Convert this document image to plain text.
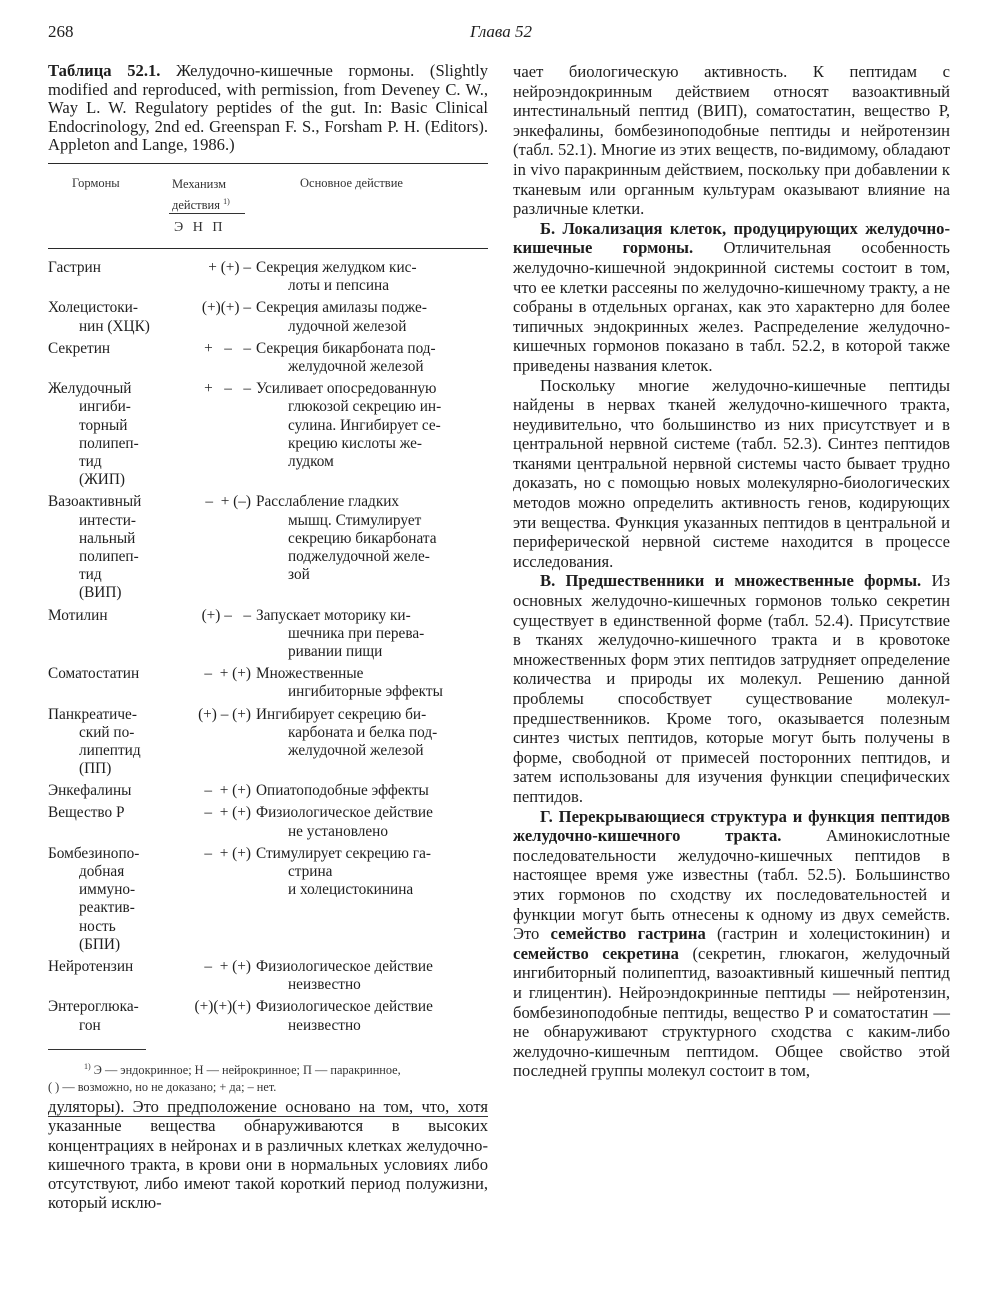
268	Глава 52

Таблица 52.1. Желудочно-кишечные гормоны. (Slightly modified and reproduced, with permission, from Deveney C. W., Way L. W. Regulatory peptides of the gut. In: Basic Clinical Endocrinology, 2nd ed. Greenspan F. S., Forsham P. H. (Editors). Appleton and Lange, 1986.)

Гормоны	Механизм
действия $^{1)}$
Э Н П
Основное действие
Гастрин	+ (+) – Секреция желудком кис-
лоты и пепсина
Холецистоки-
нин (ХЦК)
(+)(+) – Секреция амилазы подже-
лудочной железой
Секретин	+   –   – Секреция бикарбоната под-
желудочной железой
Желудочный
ингиби-
торный
полипеп-
тид
(ЖИП)
+   –   – Усиливает опосредованную
глюкозой секрецию ин-
сулина. Ингибирует се-
крецию кислоты же-
лудком
Вазоактивный
интести-
нальный
полипеп-
тид
(ВИП)
–  + (–) Расслабление гладких
мышц. Стимулирует
секрецию бикарбоната
поджелудочной желе-
зой
Мотилин	(+) –   – Запускает моторику ки-
шечника при перева-
ривании пищи
Соматостатин	–  + (+) Множественные
ингибиторные эффекты
Панкреатиче-
ский по-
липептид
(ПП)
(+) – (+) Ингибирует секрецию би-
карбоната и белка под-
желудочной железой
Энкефалины	–  + (+) Опиатоподобные эффекты
Вещество Р	–  + (+) Физиологическое действие
не установлено
Бомбезинопо-
добная
иммуно-
реактив-
ность
(БПИ)
–  + (+) Стимулирует секрецию га-
стрина
и холецистокинина
Нейротензин	–  + (+) Физиологическое действие
неизвестно
Энтероглюка-
гон
(+)(+)(+) Физиологическое действие
неизвестно
$^{1)}$ Э — эндокринное; Н — нейрокринное; П — паракринное,
( ) — возможно, но не доказано; + да; – нет.

дуляторы). Это предположение основано на том, что, хотя указанные вещества обнаруживаются в высоких концентрациях в нейронах и в различных клетках желудочно-кишечного тракта, в крови они в нормальных условиях либо отсутствуют, либо имеют такой короткий период полужизни, который исклю-

чает биологическую активность. К пептидам с нейроэндокринным действием относят вазоактивный интестинальный пептид (ВИП), соматостатин, вещество Р, энкефалины, бомбезиноподобные пептиды и нейротензин (табл. 52.1). Многие из этих веществ, по-видимому, обладают in vivo паракринным действием, поскольку при добавлении к тканевым или органным культурам оказывают влияние на различные клетки.

Б. Локализация клеток, продуцирующих желудочно-кишечные гормоны. Отличительная особенность желудочно-кишечной эндокринной системы состоит в том, что ее клетки рассеяны по желудочно-кишечному тракту, а не собраны в отдельных органах, как это характерно для более типичных эндокринных желез. Распределение желудочно-кишечных гормонов показано в табл. 52.2, в которой также приведены названия клеток.

Поскольку многие желудочно-кишечные пептиды найдены в нервах тканей желудочно-кишечного тракта, неудивительно, что большинство из них присутствует и в центральной нервной системе (табл. 52.3). Синтез пептидов тканями центральной нервной системы часто бывает трудно доказать, но с помощью новых молекулярно-биологических методов можно определить активность генов, кодирующих эти вещества. Функция указанных пептидов в центральной и периферической нервной системе находится в процессе исследования.

В. Предшественники и множественные формы. Из основных желудочно-кишечных гормонов только секретин существует в единственной форме (табл. 52.4). Присутствие в тканях желудочно-кишечного тракта и в кровотоке множественных форм этих пептидов затрудняет определение количества и природы их молекул. Решению данной проблемы способствует существование молекул-предшественников. Кроме того, оказывается полезным синтез чистых пептидов, которые могут быть получены в форме, свободной от примесей посторонних пептидов, и затем использованы для изучения функции специфических пептидов.

Г. Перекрывающиеся структура и функция пептидов желудочно-кишечного тракта. Аминокислотные последовательности желудочно-кишечных пептидов в настоящее время уже известны (табл. 52.5). Большинство этих гормонов по сходству их последовательностей и функции могут быть отнесены к одному из двух семейств. Это семейство гастрина (гастрин и холецистокинин) и семейство секретина (секретин, глюкагон, желудочный ингибиторный полипептид, вазоактивный кишечный пептид и глицентин). Нейроэндокринные пептиды — нейротензин, бомбезиноподобные пептиды, вещество Р и соматостатин — не обнаруживают структурного сходства с каким-либо желудочно-кишечным пептидом. Общее свойство этой последней группы молекул состоит в том,
